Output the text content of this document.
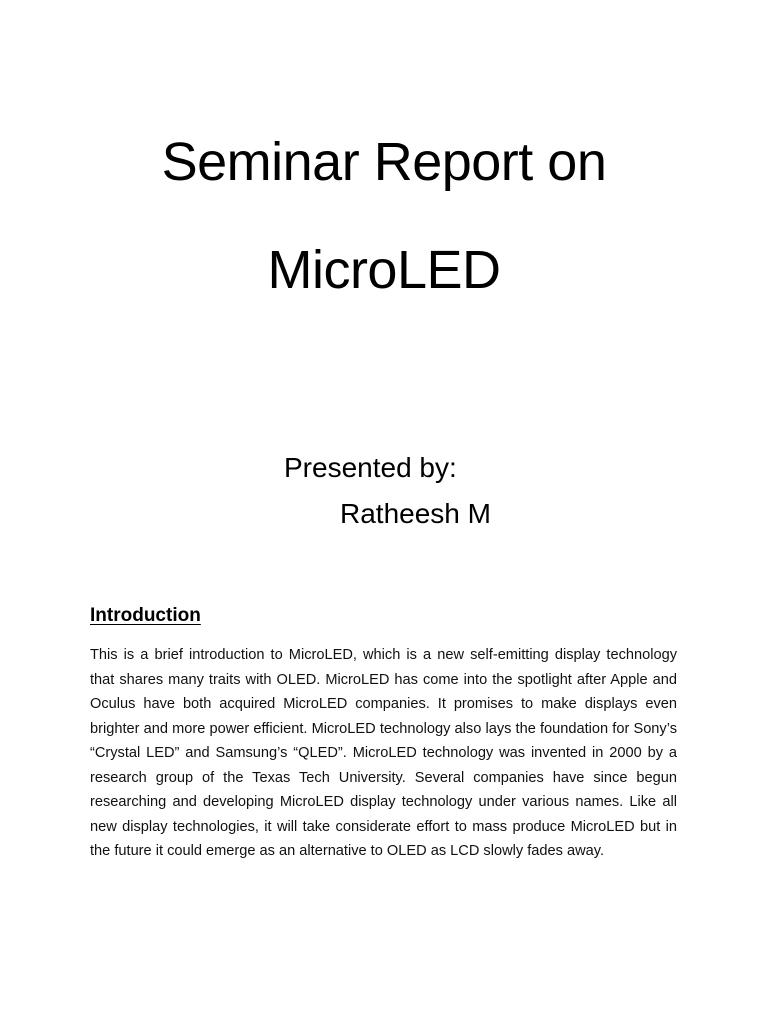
Seminar Report on
MicroLED

Presented by:

Ratheesh M

Introduction

This is a brief introduction to MicroLED, which is a new self-emitting display technology that shares many traits with OLED. MicroLED has come into the spotlight after Apple and Oculus have both acquired MicroLED companies. It promises to make displays even brighter and more power efficient. MicroLED technology also lays the foundation for Sony’s “Crystal LED” and Samsung’s “QLED”. MicroLED technology was invented in 2000 by a research group of the Texas Tech University. Several companies have since begun researching and developing MicroLED display technology under various names. Like all new display technologies, it will take considerate effort to mass produce MicroLED but in the future it could emerge as an alternative to OLED as LCD slowly fades away.
